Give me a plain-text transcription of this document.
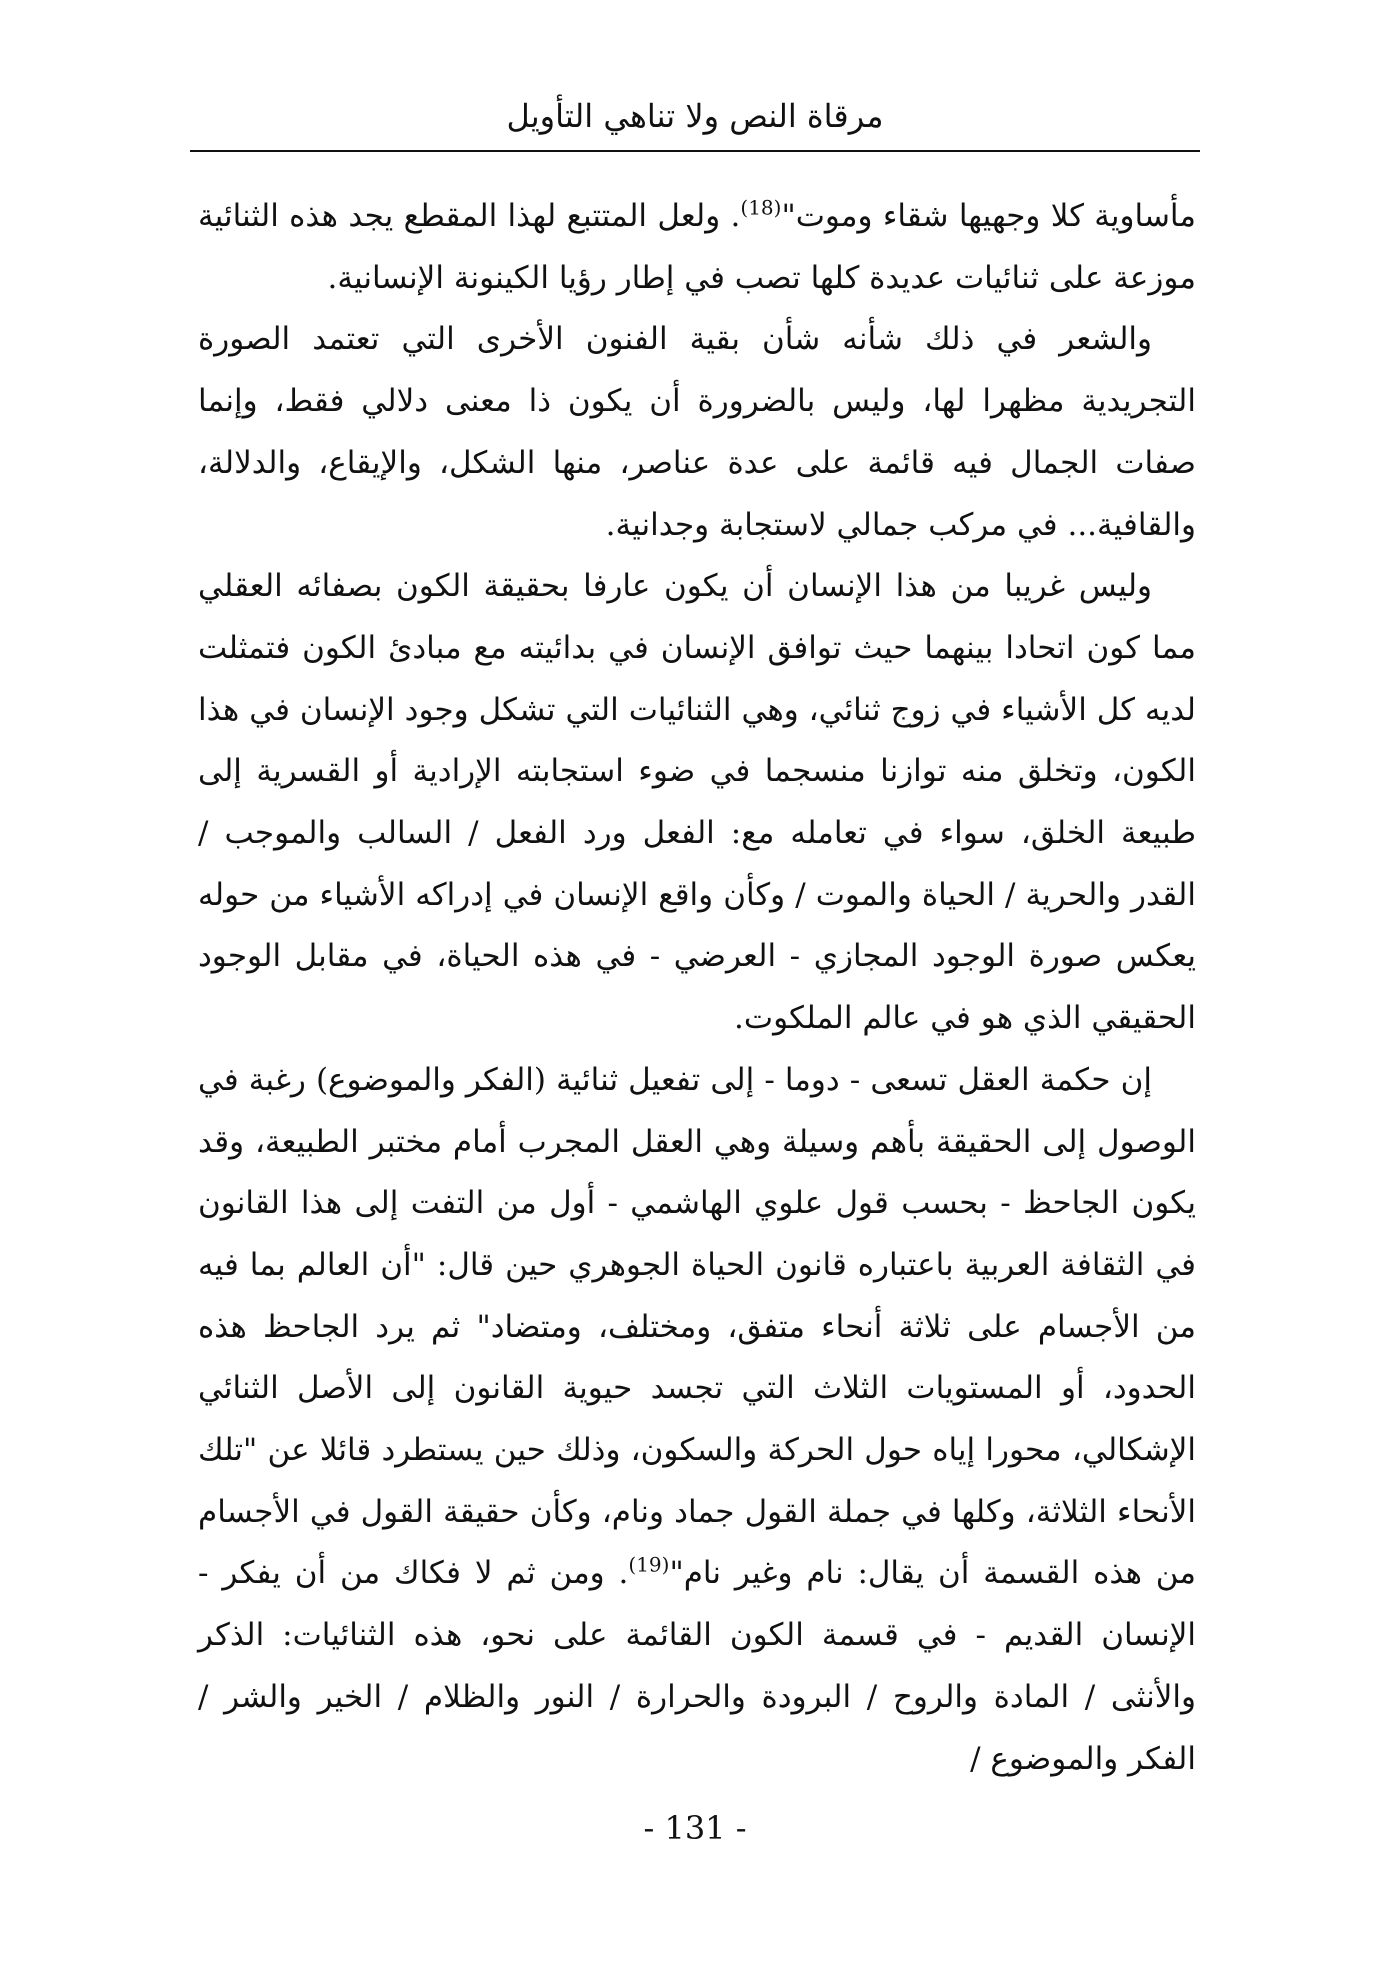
مرقاة النص ولا تناهي التأويل

مأساوية كلا وجهيها شقاء وموت"$^{(18)}$. ولعل المتتبع لهذا المقطع يجد هذه الثنائية موزعة على ثنائيات عديدة كلها تصب في إطار رؤيا الكينونة الإنسانية.

والشعر في ذلك شأنه شأن بقية الفنون الأخرى التي تعتمد الصورة التجريدية مظهرا لها، وليس بالضرورة أن يكون ذا معنى دلالي فقط، وإنما صفات الجمال فيه قائمة على عدة عناصر، منها الشكل، والإيقاع، والدلالة، والقافية... في مركب جمالي لاستجابة وجدانية.

وليس غريبا من هذا الإنسان أن يكون عارفا بحقيقة الكون بصفائه العقلي مما كون اتحادا بينهما حيث توافق الإنسان في بدائيته مع مبادئ الكون فتمثلت لديه كل الأشياء في زوج ثنائي، وهي الثنائيات التي تشكل وجود الإنسان في هذا الكون، وتخلق منه توازنا منسجما في ضوء استجابته الإرادية أو القسرية إلى طبيعة الخلق، سواء في تعامله مع: الفعل ورد الفعل / السالب والموجب / القدر والحرية / الحياة والموت / وكأن واقع الإنسان في إدراكه الأشياء من حوله يعكس صورة الوجود المجازي - العرضي - في هذه الحياة، في مقابل الوجود الحقيقي الذي هو في عالم الملكوت.

إن حكمة العقل تسعى - دوما - إلى تفعيل ثنائية (الفكر والموضوع) رغبة في الوصول إلى الحقيقة بأهم وسيلة وهي العقل المجرب أمام مختبر الطبيعة، وقد يكون الجاحظ - بحسب قول علوي الهاشمي - أول من التفت إلى هذا القانون في الثقافة العربية باعتباره قانون الحياة الجوهري حين قال: "أن العالم بما فيه من الأجسام على ثلاثة أنحاء متفق، ومختلف، ومتضاد" ثم يرد الجاحظ هذه الحدود، أو المستويات الثلاث التي تجسد حيوية القانون إلى الأصل الثنائي الإشكالي، محورا إياه حول الحركة والسكون، وذلك حين يستطرد قائلا عن "تلك الأنحاء الثلاثة، وكلها في جملة القول جماد ونام، وكأن حقيقة القول في الأجسام من هذه القسمة أن يقال: نام وغير نام"$^{(19)}$. ومن ثم لا فكاك من أن يفكر - الإنسان القديم - في قسمة الكون القائمة على نحو، هذه الثنائيات: الذكر والأنثى / المادة والروح / البرودة والحرارة / النور والظلام / الخير والشر / الفكر والموضوع /

- 131 -
